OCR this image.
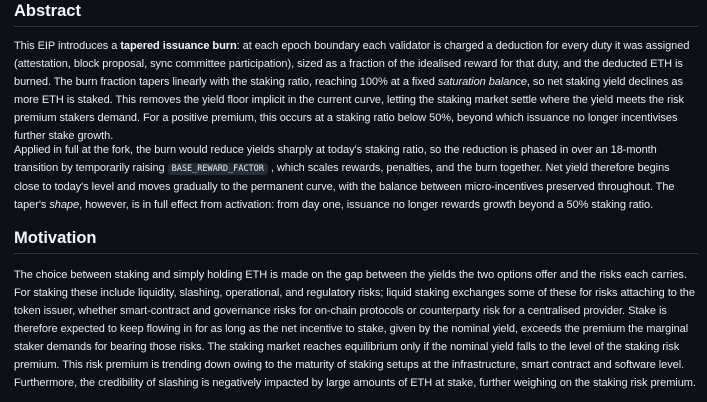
Abstract

This EIP introduces a tapered issuance burn: at each epoch boundary each validator is charged a deduction for every duty it was assigned (attestation, block proposal, sync committee participation), sized as a fraction of the idealised reward for that duty, and the deducted ETH is burned. The burn fraction tapers linearly with the staking ratio, reaching 100% at a fixed saturation balance, so net staking yield declines as more ETH is staked. This removes the yield floor implicit in the current curve, letting the staking market settle where the yield meets the risk premium stakers demand. For a positive premium, this occurs at a staking ratio below 50%, beyond which issuance no longer incentivises further stake growth.

Applied in full at the fork, the burn would reduce yields sharply at today's staking ratio, so the reduction is phased in over an 18-month transition by temporarily raising BASE_REWARD_FACTOR , which scales rewards, penalties, and the burn together. Net yield therefore begins close to today's level and moves gradually to the permanent curve, with the balance between micro-incentives preserved throughout. The taper's shape, however, is in full effect from activation: from day one, issuance no longer rewards growth beyond a 50% staking ratio.

Motivation

The choice between staking and simply holding ETH is made on the gap between the yields the two options offer and the risks each carries. For staking these include liquidity, slashing, operational, and regulatory risks; liquid staking exchanges some of these for risks attaching to the token issuer, whether smart-contract and governance risks for on-chain protocols or counterparty risk for a centralised provider. Stake is therefore expected to keep flowing in for as long as the net incentive to stake, given by the nominal yield, exceeds the premium the marginal staker demands for bearing those risks. The staking market reaches equilibrium only if the nominal yield falls to the level of the staking risk premium. This risk premium is trending down owing to the maturity of staking setups at the infrastructure, smart contract and software level. Furthermore, the credibility of slashing is negatively impacted by large amounts of ETH at stake, further weighing on the staking risk premium.
